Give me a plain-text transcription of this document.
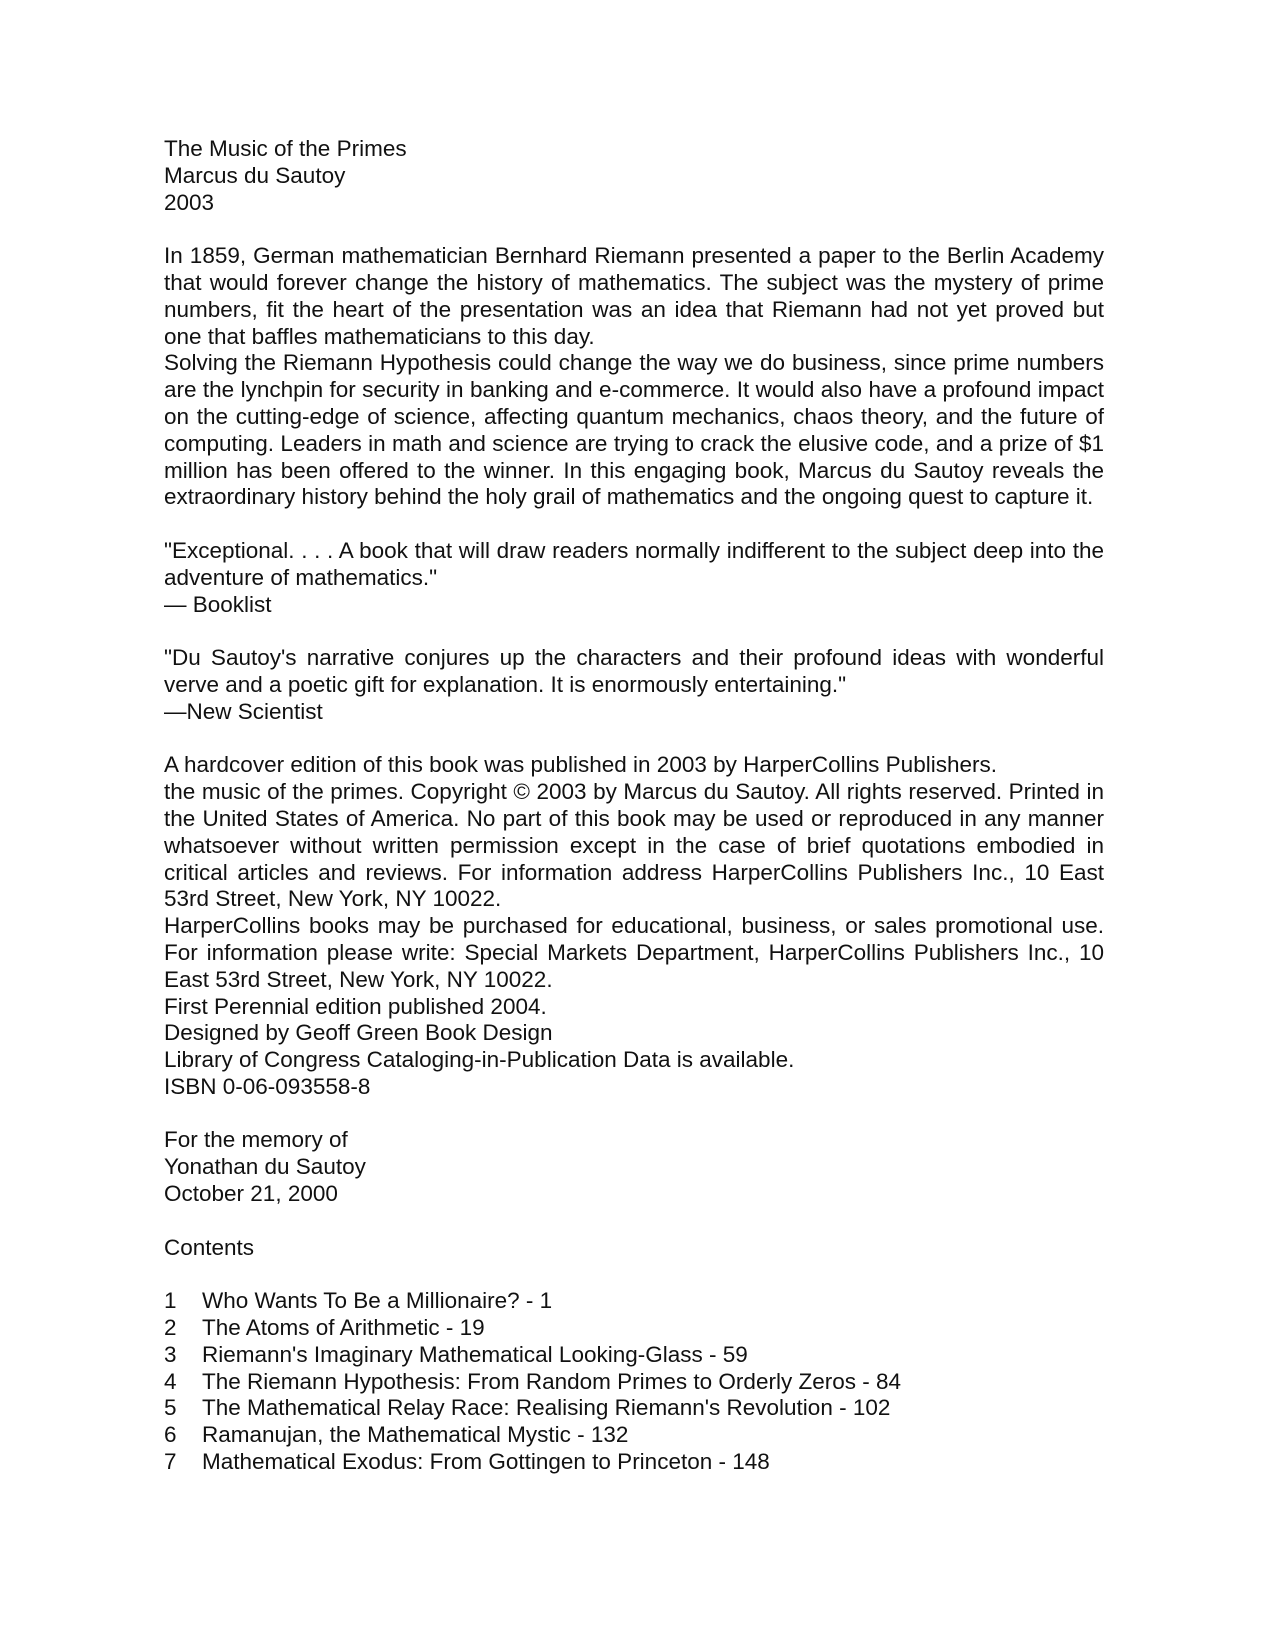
The Music of the Primes
Marcus du Sautoy
2003

In 1859, German mathematician Bernhard Riemann presented a paper to the Berlin Academy that would forever change the history of mathematics. The subject was the mystery of prime numbers, fit the heart of the presentation was an idea that Riemann had not yet proved but one that baffles mathematicians to this day.

Solving the Riemann Hypothesis could change the way we do business, since prime numbers are the lynchpin for security in banking and e-commerce. It would also have a profound impact on the cutting-edge of science, affecting quantum mechanics, chaos theory, and the future of computing. Leaders in math and science are trying to crack the elusive code, and a prize of $1 million has been offered to the winner. In this engaging book, Marcus du Sautoy reveals the extraordinary history behind the holy grail of mathematics and the ongoing quest to capture it.

"Exceptional. . . . A book that will draw readers normally indifferent to the subject deep into the adventure of mathematics."

— Booklist

"Du Sautoy's narrative conjures up the characters and their profound ideas with wonderful verve and a poetic gift for explanation. It is enormously entertaining."

—New Scientist
A hardcover edition of this book was published in 2003 by HarperCollins Publishers.

the music of the primes. Copyright © 2003 by Marcus du Sautoy. All rights reserved. Printed in the United States of America. No part of this book may be used or reproduced in any manner whatsoever without written permission except in the case of brief quotations embodied in critical articles and reviews. For information address HarperCollins Publishers Inc., 10 East 53rd Street, New York, NY 10022.

HarperCollins books may be purchased for educational, business, or sales promotional use. For information please write: Special Markets Department, HarperCollins Publishers Inc., 10 East 53rd Street, New York, NY 10022.

First Perennial edition published 2004.
Designed by Geoff Green Book Design
Library of Congress Cataloging-in-Publication Data is available.
ISBN 0-06-093558-8
For the memory of
Yonathan du Sautoy
October 21, 2000
Contents
1 Who Wants To Be a Millionaire? - 1
2 The Atoms of Arithmetic - 19
3 Riemann's Imaginary Mathematical Looking-Glass - 59
4 The Riemann Hypothesis: From Random Primes to Orderly Zeros - 84
5 The Mathematical Relay Race: Realising Riemann's Revolution - 102
6 Ramanujan, the Mathematical Mystic - 132
7 Mathematical Exodus: From Gottingen to Princeton - 148
